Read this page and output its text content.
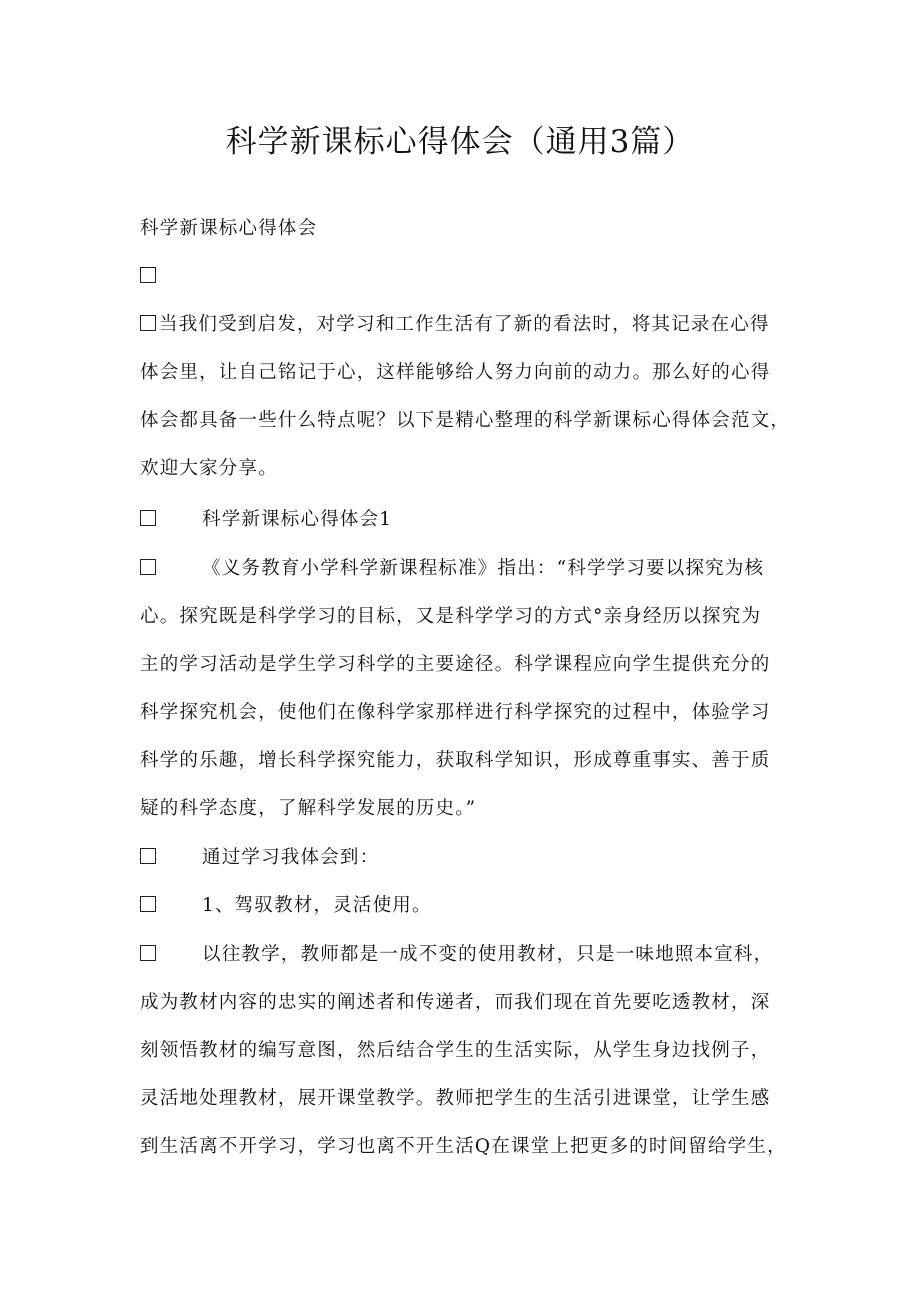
科学新课标心得体会（通用3篇）
科学新课标心得体会
当我们受到启发，对学习和工作生活有了新的看法时，将其记录在心得
体会里，让自己铭记于心，这样能够给人努力向前的动力。那么好的心得
体会都具备一些什么特点呢？以下是精心整理的科学新课标心得体会范文，
欢迎大家分享。
科学新课标心得体会1
《义务教育小学科学新课程标准》指出：“科学学习要以探究为核
心。探究既是科学学习的目标，又是科学学习的方式°亲身经历以探究为
主的学习活动是学生学习科学的主要途径。科学课程应向学生提供充分的
科学探究机会，使他们在像科学家那样进行科学探究的过程中，体验学习
科学的乐趣，增长科学探究能力，获取科学知识，形成尊重事实、善于质
疑的科学态度，了解科学发展的历史。”
通过学习我体会到：
1、驾驭教材，灵活使用。
以往教学，教师都是一成不变的使用教材，只是一味地照本宣科，
成为教材内容的忠实的阐述者和传递者，而我们现在首先要吃透教材，深
刻领悟教材的编写意图，然后结合学生的生活实际，从学生身边找例子，
灵活地处理教材，展开课堂教学。教师把学生的生活引进课堂，让学生感
到生活离不开学习，学习也离不开生活Q在课堂上把更多的时间留给学生，
